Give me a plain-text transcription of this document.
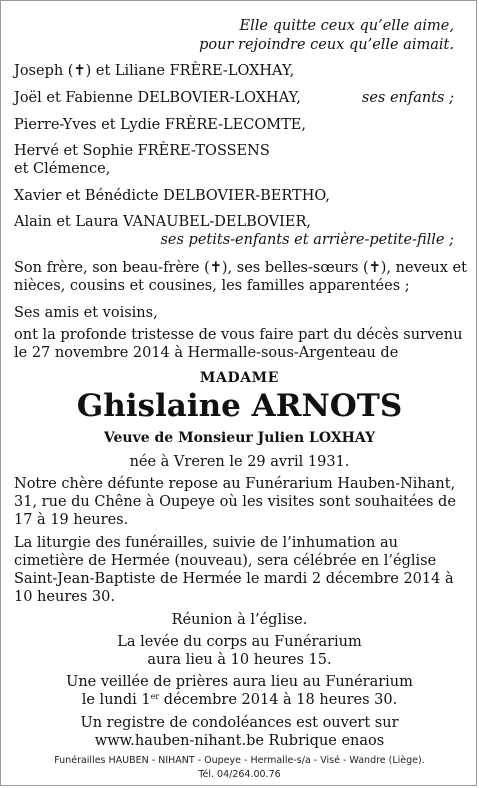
Elle quitte ceux qu’elle aime,
pour rejoindre ceux qu’elle aimait.
Joseph (✝) et Liliane FRÈRE-LOXHAY,
Joël et Fabienne DELBOVIER-LOXHAY,	ses enfants ;
Pierre-Yves et Lydie FRÈRE-LECOMTE,
Hervé et Sophie FRÈRE-TOSSENS
et Clémence,
Xavier et Bénédicte DELBOVIER-BERTHO,
Alain et Laura VANAUBEL-DELBOVIER,
ses petits-enfants et arrière-petite-fille ;
Son frère, son beau-frère (✝), ses belles-sœurs (✝), neveux et
nièces, cousins et cousines, les familles apparentées ;
Ses amis et voisins,
ont la profonde tristesse de vous faire part du décès survenu
le 27 novembre 2014 à Hermalle-sous-Argenteau de
MADAME
Ghislaine ARNOTS
Veuve de Monsieur Julien LOXHAY
née à Vreren le 29 avril 1931.
Notre chère défunte repose au Funérarium Hauben-Nihant,
31, rue du Chêne à Oupeye où les visites sont souhaitées de
17 à 19 heures.
La liturgie des funérailles, suivie de l’inhumation au
cimetière de Hermée (nouveau), sera célébrée en l’église
Saint-Jean-Baptiste de Hermée le mardi 2 décembre 2014 à
10 heures 30.
Réunion à l’église.
La levée du corps au Funérarium
aura lieu à 10 heures 15.
Une veillée de prières aura lieu au Funérarium
le lundi 1er décembre 2014 à 18 heures 30.
Un registre de condoléances est ouvert sur
www.hauben-nihant.be Rubrique enaos
Funérailles HAUBEN - NIHANT - Oupeye - Hermalle-s/a - Visé - Wandre (Liège).
Tél. 04/264.00.76
